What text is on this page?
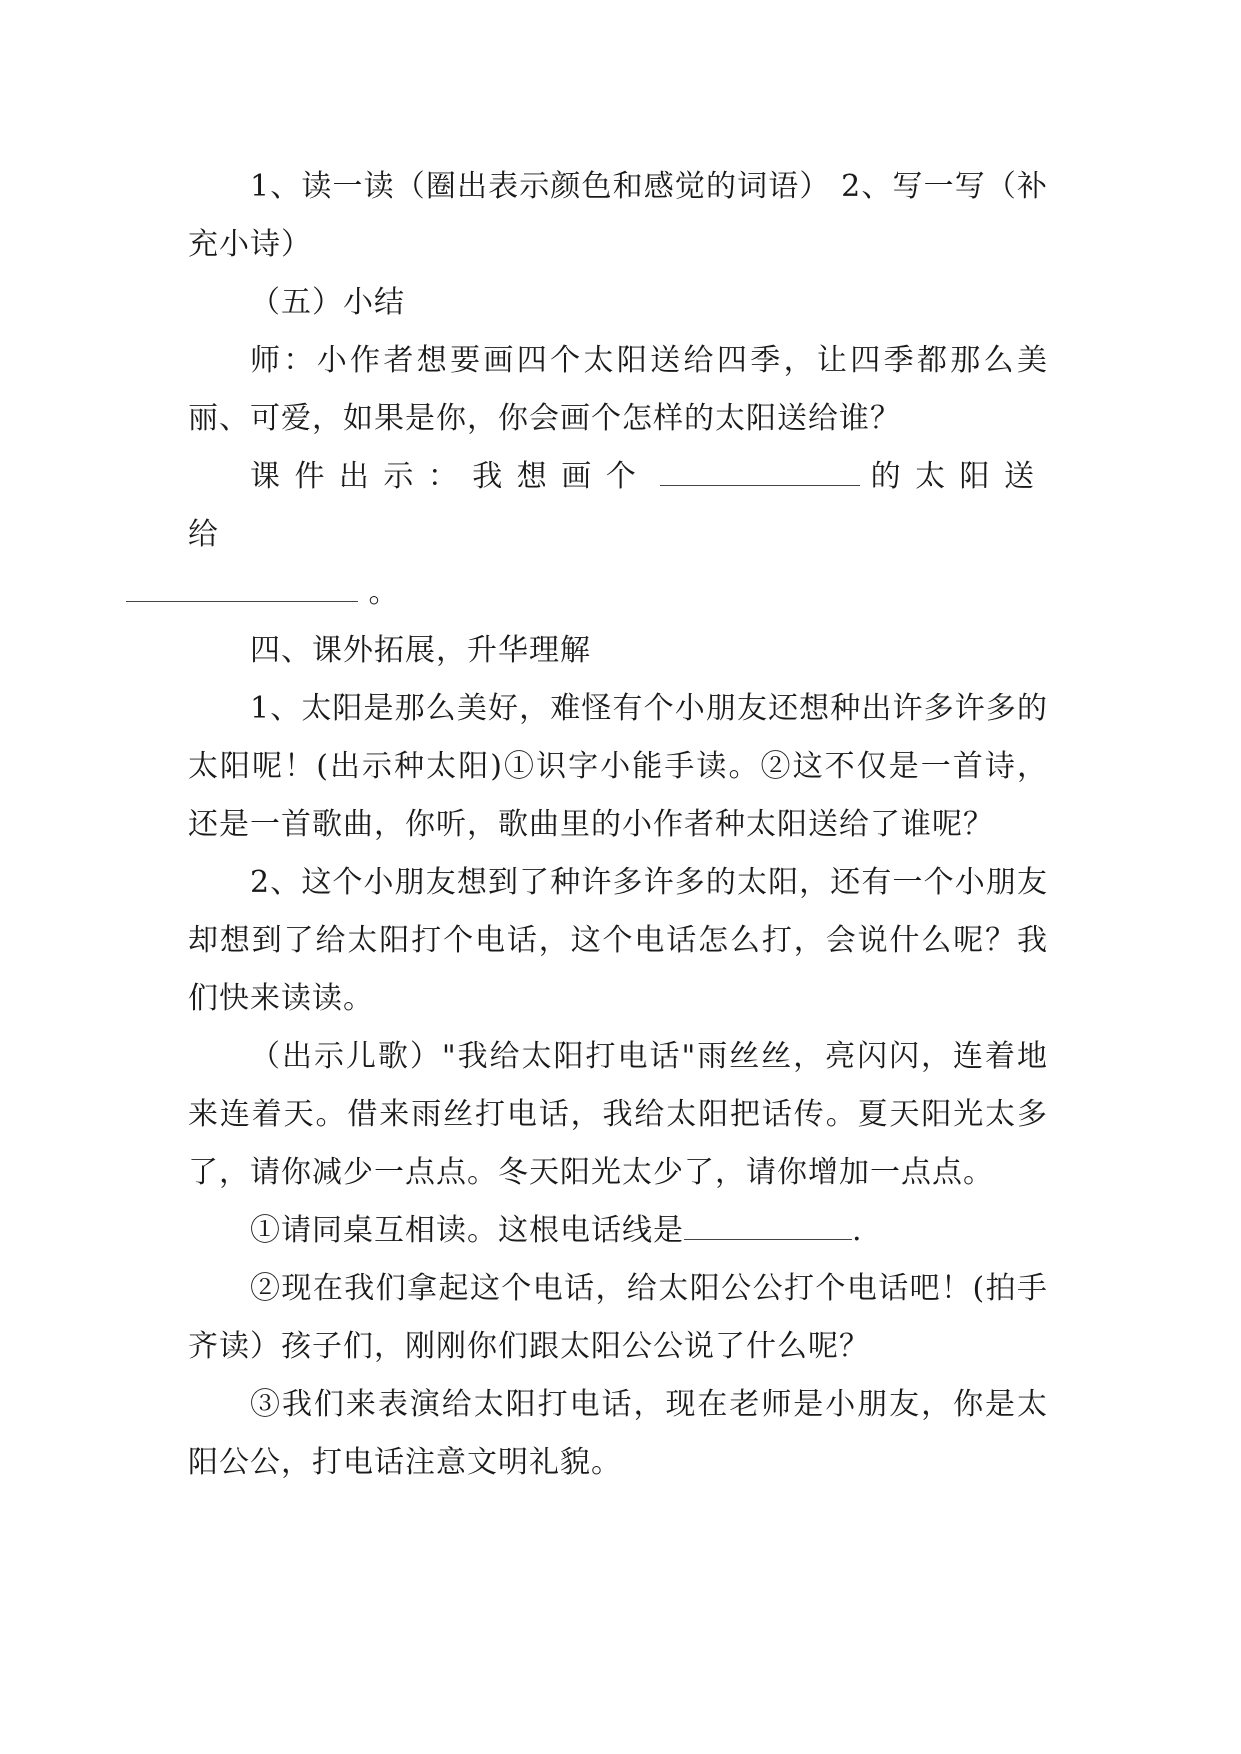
1、读一读（圈出表示颜色和感觉的词语） 2、写一写（补充小诗）

（五）小结

师：小作者想要画四个太阳送给四季，让四季都那么美丽、可爱，如果是你，你会画个怎样的太阳送给谁？

课件出示：我想画个	的太阳送给
。

四、课外拓展，升华理解

1、太阳是那么美好，难怪有个小朋友还想种出许多许多的太阳呢！(出示种太阳)①识字小能手读。②这不仅是一首诗，还是一首歌曲，你听，歌曲里的小作者种太阳送给了谁呢？

2、这个小朋友想到了种许多许多的太阳，还有一个小朋友却想到了给太阳打个电话，这个电话怎么打，会说什么呢？我们快来读读。

（出示儿歌）"我给太阳打电话"雨丝丝，亮闪闪，连着地来连着天。借来雨丝打电话，我给太阳把话传。夏天阳光太多了，请你减少一点点。冬天阳光太少了，请你增加一点点。

①请同桌互相读。这根电话线是	.

②现在我们拿起这个电话，给太阳公公打个电话吧！(拍手齐读）孩子们，刚刚你们跟太阳公公说了什么呢？

③我们来表演给太阳打电话，现在老师是小朋友，你是太阳公公，打电话注意文明礼貌。
